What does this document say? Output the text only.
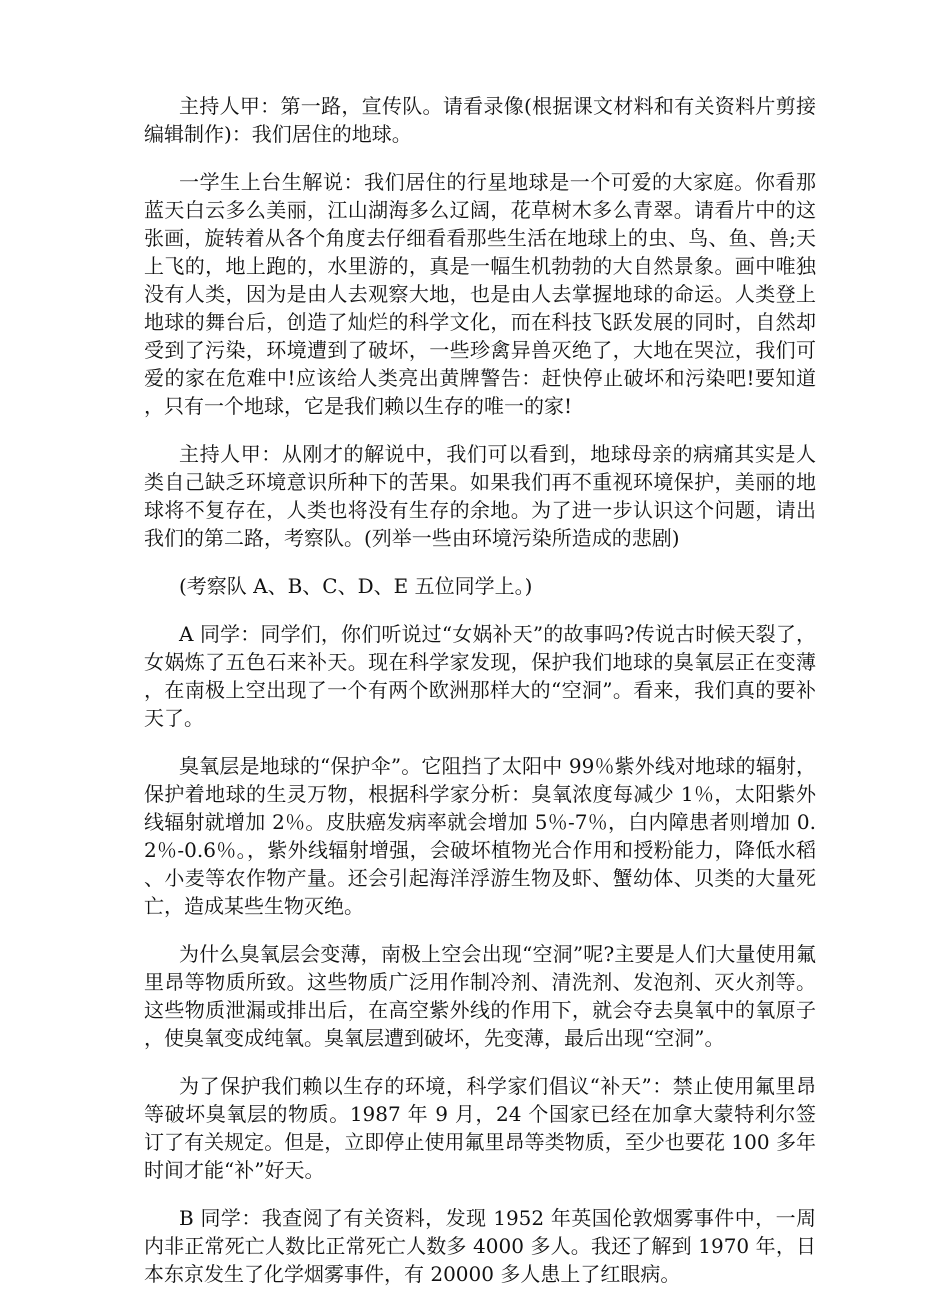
主持人甲：第一路，宣传队。请看录像(根据课文材料和有关资料片剪接编辑制作)：我们居住的地球。

一学生上台生解说：我们居住的行星地球是一个可爱的大家庭。你看那蓝天白云多么美丽，江山湖海多么辽阔，花草树木多么青翠。请看片中的这张画，旋转着从各个角度去仔细看看那些生活在地球上的虫、鸟、鱼、兽;天上飞的，地上跑的，水里游的，真是一幅生机勃勃的大自然景象。画中唯独没有人类，因为是由人去观察大地，也是由人去掌握地球的命运。人类登上地球的舞台后，创造了灿烂的科学文化，而在科技飞跃发展的同时，自然却受到了污染，环境遭到了破坏，一些珍禽异兽灭绝了，大地在哭泣，我们可爱的家在危难中!应该给人类亮出黄牌警告：赶快停止破坏和污染吧!要知道，只有一个地球，它是我们赖以生存的唯一的家!

主持人甲：从刚才的解说中，我们可以看到，地球母亲的病痛其实是人类自己缺乏环境意识所种下的苦果。如果我们再不重视环境保护，美丽的地球将不复存在，人类也将没有生存的余地。为了进一步认识这个问题，请出我们的第二路，考察队。(列举一些由环境污染所造成的悲剧)

(考察队 A、B、C、D、E 五位同学上。)

A 同学：同学们，你们听说过“女娲补天”的故事吗?传说古时候天裂了，女娲炼了五色石来补天。现在科学家发现，保护我们地球的臭氧层正在变薄，在南极上空出现了一个有两个欧洲那样大的“空洞”。看来，我们真的要补天了。

臭氧层是地球的“保护伞”。它阻挡了太阳中 99％紫外线对地球的辐射，保护着地球的生灵万物，根据科学家分析：臭氧浓度每减少 1％，太阳紫外线辐射就增加 2％。皮肤癌发病率就会增加 5％-7％，白内障患者则增加 0.2％-0.6％。，紫外线辐射增强，会破坏植物光合作用和授粉能力，降低水稻、小麦等农作物产量。还会引起海洋浮游生物及虾、蟹幼体、贝类的大量死亡，造成某些生物灭绝。

为什么臭氧层会变薄，南极上空会出现“空洞”呢?主要是人们大量使用氟里昂等物质所致。这些物质广泛用作制冷剂、清洗剂、发泡剂、灭火剂等。这些物质泄漏或排出后，在高空紫外线的作用下，就会夺去臭氧中的氧原子，使臭氧变成纯氧。臭氧层遭到破坏，先变薄，最后出现“空洞”。

为了保护我们赖以生存的环境，科学家们倡议“补天”：禁止使用氟里昂等破坏臭氧层的物质。1987 年 9 月，24 个国家已经在加拿大蒙特利尔签订了有关规定。但是，立即停止使用氟里昂等类物质，至少也要花 100 多年时间才能“补”好天。

B 同学：我查阅了有关资料，发现 1952 年英国伦敦烟雾事件中，一周内非正常死亡人数比正常死亡人数多 4000 多人。我还了解到 1970 年，日本东京发生了化学烟雾事件，有 20000 多人患上了红眼病。
